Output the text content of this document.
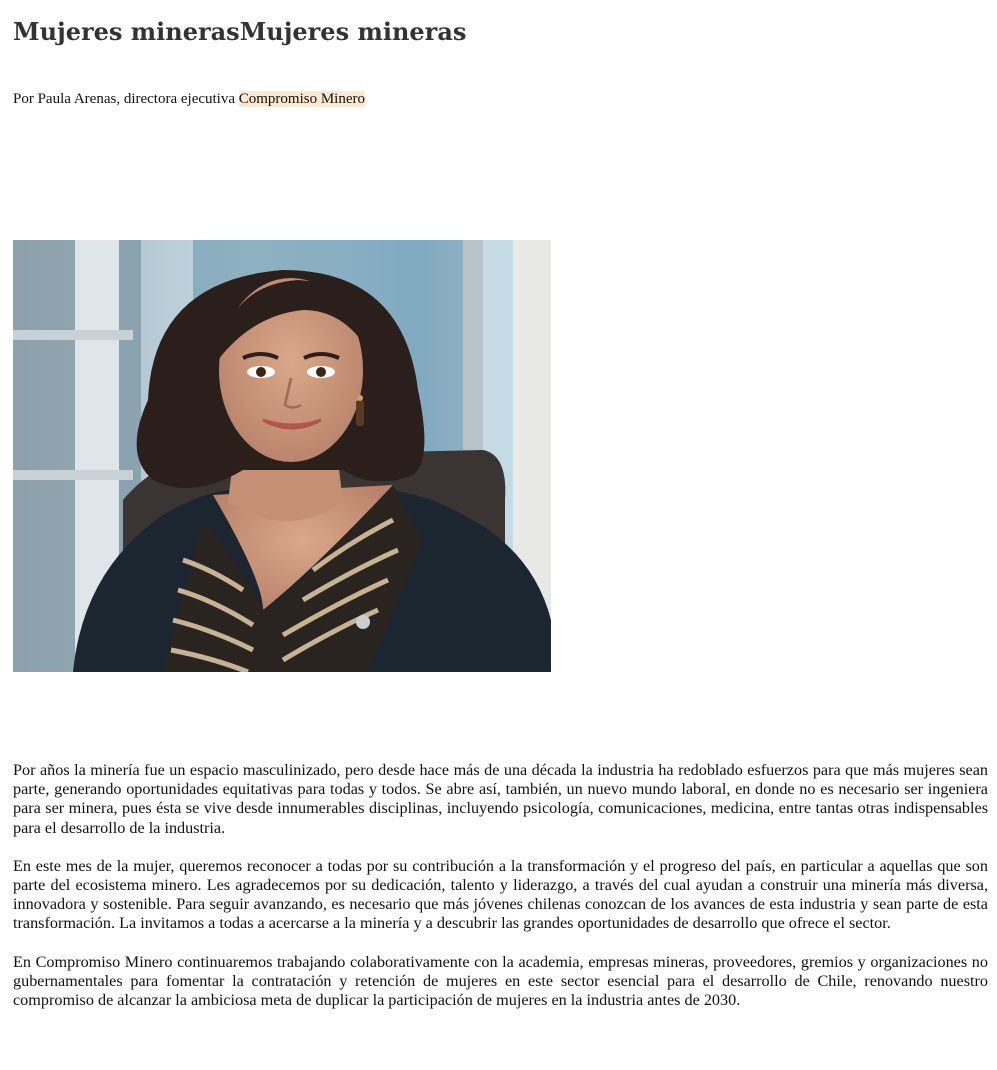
Mujeres minerasMujeres mineras
Por Paula Arenas, directora ejecutiva Compromiso Minero

Por años la minería fue un espacio masculinizado, pero desde hace más de una década la industria ha redoblado esfuerzos para que más mujeres sean parte, generando oportunidades equitativas para todas y todos. Se abre así, también, un nuevo mundo laboral, en donde no es necesario ser ingeniera para ser minera, pues ésta se vive desde innumerables disciplinas, incluyendo psicología, comunicaciones, medicina, entre tantas otras indispensables para el desarrollo de la industria.

En este mes de la mujer, queremos reconocer a todas por su contribución a la transformación y el progreso del país, en particular a aquellas que son parte del ecosistema minero. Les agradecemos por su dedicación, talento y liderazgo, a través del cual ayudan a construir una minería más diversa, innovadora y sostenible. Para seguir avanzando, es necesario que más jóvenes chilenas conozcan de los avances de esta industria y sean parte de esta transformación. La invitamos a todas a acercarse a la minería y a descubrir las grandes oportunidades de desarrollo que ofrece el sector.

En Compromiso Minero continuaremos trabajando colaborativamente con la academia, empresas mineras, proveedores, gremios y organizaciones no gubernamentales para fomentar la contratación y retención de mujeres en este sector esencial para el desarrollo de Chile, renovando nuestro compromiso de alcanzar la ambiciosa meta de duplicar la participación de mujeres en la industria antes de 2030.
